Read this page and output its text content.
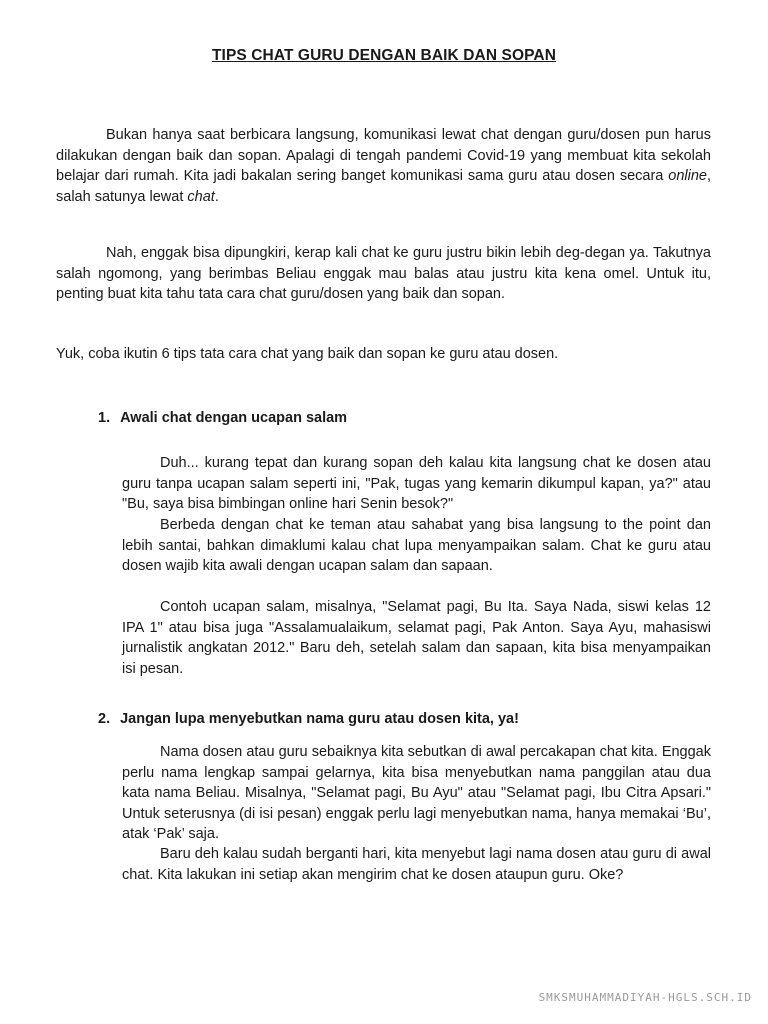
TIPS CHAT GURU DENGAN BAIK DAN SOPAN

Bukan hanya saat berbicara langsung, komunikasi lewat chat dengan guru/dosen pun harus dilakukan dengan baik dan sopan. Apalagi di tengah pandemi Covid-19 yang membuat kita sekolah belajar dari rumah. Kita jadi bakalan sering banget komunikasi sama guru atau dosen secara online, salah satunya lewat chat.

Nah, enggak bisa dipungkiri, kerap kali chat ke guru justru bikin lebih deg-degan ya. Takutnya salah ngomong, yang berimbas Beliau enggak mau balas atau justru kita kena omel. Untuk itu, penting buat kita tahu tata cara chat guru/dosen yang baik dan sopan.

Yuk, coba ikutin 6 tips tata cara chat yang baik dan sopan ke guru atau dosen.

1. Awali chat dengan ucapan salam

Duh... kurang tepat dan kurang sopan deh kalau kita langsung chat ke dosen atau guru tanpa ucapan salam seperti ini, "Pak, tugas yang kemarin dikumpul kapan, ya?" atau "Bu, saya bisa bimbingan online hari Senin besok?"

Berbeda dengan chat ke teman atau sahabat yang bisa langsung to the point dan lebih santai, bahkan dimaklumi kalau chat lupa menyampaikan salam. Chat ke guru atau dosen wajib kita awali dengan ucapan salam dan sapaan.

Contoh ucapan salam, misalnya, "Selamat pagi, Bu Ita. Saya Nada, siswi kelas 12 IPA 1" atau bisa juga "Assalamualaikum, selamat pagi, Pak Anton. Saya Ayu, mahasiswi jurnalistik angkatan 2012." Baru deh, setelah salam dan sapaan, kita bisa menyampaikan isi pesan.

2. Jangan lupa menyebutkan nama guru atau dosen kita, ya!

Nama dosen atau guru sebaiknya kita sebutkan di awal percakapan chat kita. Enggak perlu nama lengkap sampai gelarnya, kita bisa menyebutkan nama panggilan atau dua kata nama Beliau. Misalnya, "Selamat pagi, Bu Ayu" atau "Selamat pagi, Ibu Citra Apsari." Untuk seterusnya (di isi pesan) enggak perlu lagi menyebutkan nama, hanya memakai ‘Bu’, atak ‘Pak’ saja.

Baru deh kalau sudah berganti hari, kita menyebut lagi nama dosen atau guru di awal chat. Kita lakukan ini setiap akan mengirim chat ke dosen ataupun guru. Oke?

SMKSMUHAMMADIYAH-HGLS.SCH.ID
